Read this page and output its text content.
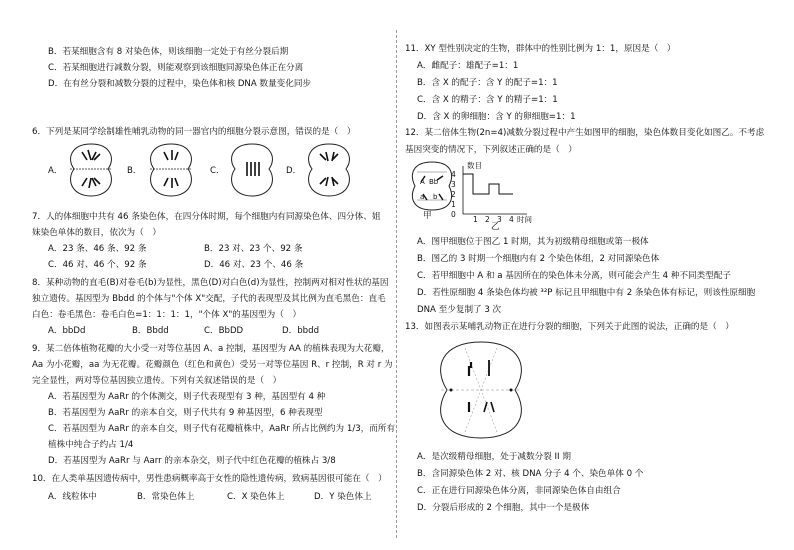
B．若某细胞含有 8 对染色体，则该细胞一定处于有丝分裂后期
C．若某细胞进行减数分裂，则能观察到该细胞同源染色体正在分离
D．在有丝分裂和减数分裂的过程中，染色体和核 DNA 数量变化同步
6．下列是某同学绘制雄性哺乳动物的同一器官内的细胞分裂示意图，错误的是（　）
A．	B．	C．	D．
7．人的体细胞中共有 46 条染色体，在四分体时期，每个细胞内有同源染色体、四分体、姐
妹染色单体的数目，依次为（　）
A．23 条、46 条、92 条	B．23 对、23 个、92 条
C．46 对、46 个、92 条	D．46 对、23 个、46 条
8．某种动物的直毛(B)对卷毛(b)为显性，黑色(D)对白色(d)为显性，控制两对相对性状的基因
独立遗传。基因型为 Bbdd 的个体与"个体 X"交配，子代的表现型及其比例为直毛黑色：直毛
白色：卷毛黑色：卷毛白色=1：1：1：1，"个体 X"的基因型为（　）
A．bbDd	B．Bbdd	C．BbDD	D．bbdd
9．某二倍体植物花瓣的大小受一对等位基因 A、a 控制，基因型为 AA 的植株表现为大花瓣，
Aa 为小花瓣，aa 为无花瓣。花瓣颜色（红色和黄色）受另一对等位基因 R、r 控制，R 对 r 为
完全显性，两对等位基因独立遗传。下列有关叙述错误的是（　）
A．若基因型为 AaRr 的个体测交，则子代表现型有 3 种，基因型有 4 种
B．若基因型为 AaRr 的亲本自交，则子代共有 9 种基因型，6 种表现型
C．若基因型为 AaRr 的亲本自交，则子代有花瓣植株中，AaRr 所占比例约为 1/3，而所有
植株中纯合子约占 1/4
D．若基因型为 AaRr 与 Aarr 的亲本杂交，则子代中红色花瓣的植株占 3/8
10．在人类单基因遗传病中，男性患病概率高于女性的隐性遗传病，致病基因很可能在（　）
A．线粒体中	B．常染色体上	C．X 染色体上	D．Y 染色体上
11．XY 型性别决定的生物，群体中的性别比例为 1：1，原因是（　）
A．雌配子：雄配子=1：1
B．含 X 的配子：含 Y 的配子=1：1
C．含 X 的精子：含 Y 的精子=1：1
D．含 X 的卵细胞：含 Y 的卵细胞=1：1
12．某二倍体生物(2n=4)减数分裂过程中产生如图甲的细胞，染色体数目变化如图乙。不考虑
基因突变的情况下，下列叙述正确的是（　）
A Bb
a b
甲
数目
4
3
2
1
0
1 2 3 4 时间
乙
A．图甲细胞位于图乙 1 时期，其为初级精母细胞或第一极体
B．图乙的 3 时期一个细胞内有 2 个染色体组，2 对同源染色体
C．若甲细胞中 A 和 a 基因所在的染色体未分离，则可能会产生 4 种不同类型配子
D．若性原细胞 4 条染色体均被 ³²P 标记且甲细胞中有 2 条染色体有标记，则该性原细胞
DNA 至少复制了 3 次
13．如图表示某哺乳动物正在进行分裂的细胞，下列关于此图的说法，正确的是（　）
A．是次级精母细胞，处于减数分裂 II 期
B．含同源染色体 2 对、核 DNA 分子 4 个、染色单体 0 个
C．正在进行同源染色体分离，非同源染色体自由组合
D．分裂后形成的 2 个细胞，其中一个是极体
